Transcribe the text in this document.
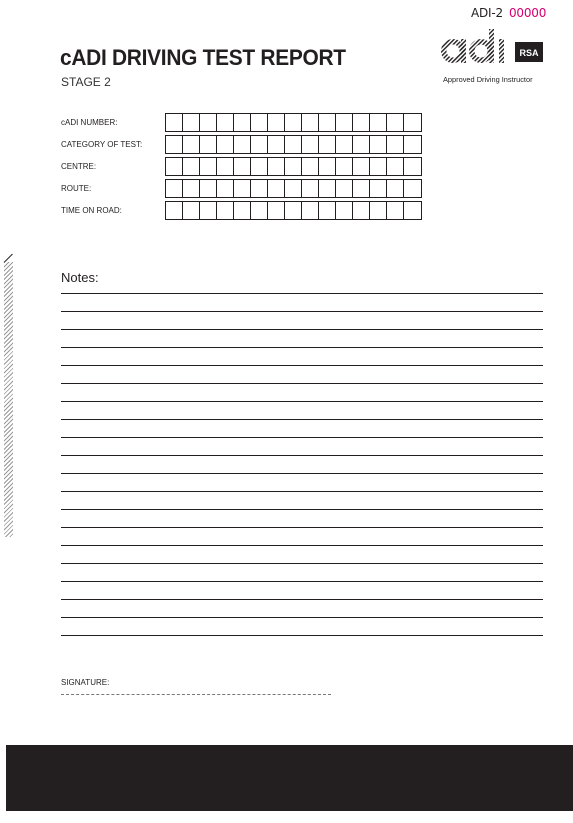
ADI-2 00000
cADI DRIVING TEST REPORT
STAGE 2
RSA
Approved Driving Instructor
cADI NUMBER:
CATEGORY OF TEST:
CENTRE:
ROUTE:
TIME ON ROAD:
Notes:
SIGNATURE:
